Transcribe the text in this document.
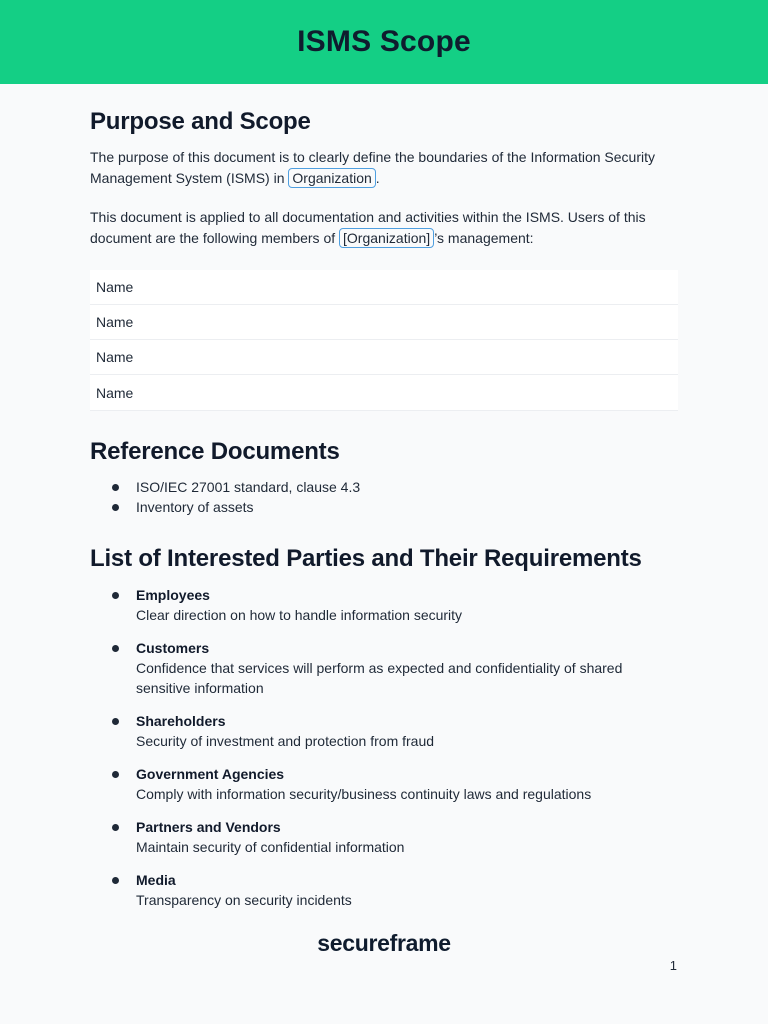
ISMS Scope
Purpose and Scope

The purpose of this document is to clearly define the boundaries of the Information Security Management System (ISMS) in Organization .

This document is applied to all documentation and activities within the ISMS. Users of this document are the following members of [Organization] ’s management:

Name
Name
Name
Name
Reference Documents
ISO/IEC 27001 standard, clause 4.3
Inventory of assets
List of Interested Parties and Their Requirements
Employees
Clear direction on how to handle information security
Customers
Confidence that services will perform as expected and confidentiality of shared sensitive information
Shareholders
Security of investment and protection from fraud
Government Agencies
Comply with information security/business continuity laws and regulations
Partners and Vendors
Maintain security of confidential information
Media
Transparency on security incidents
secureframe
1
